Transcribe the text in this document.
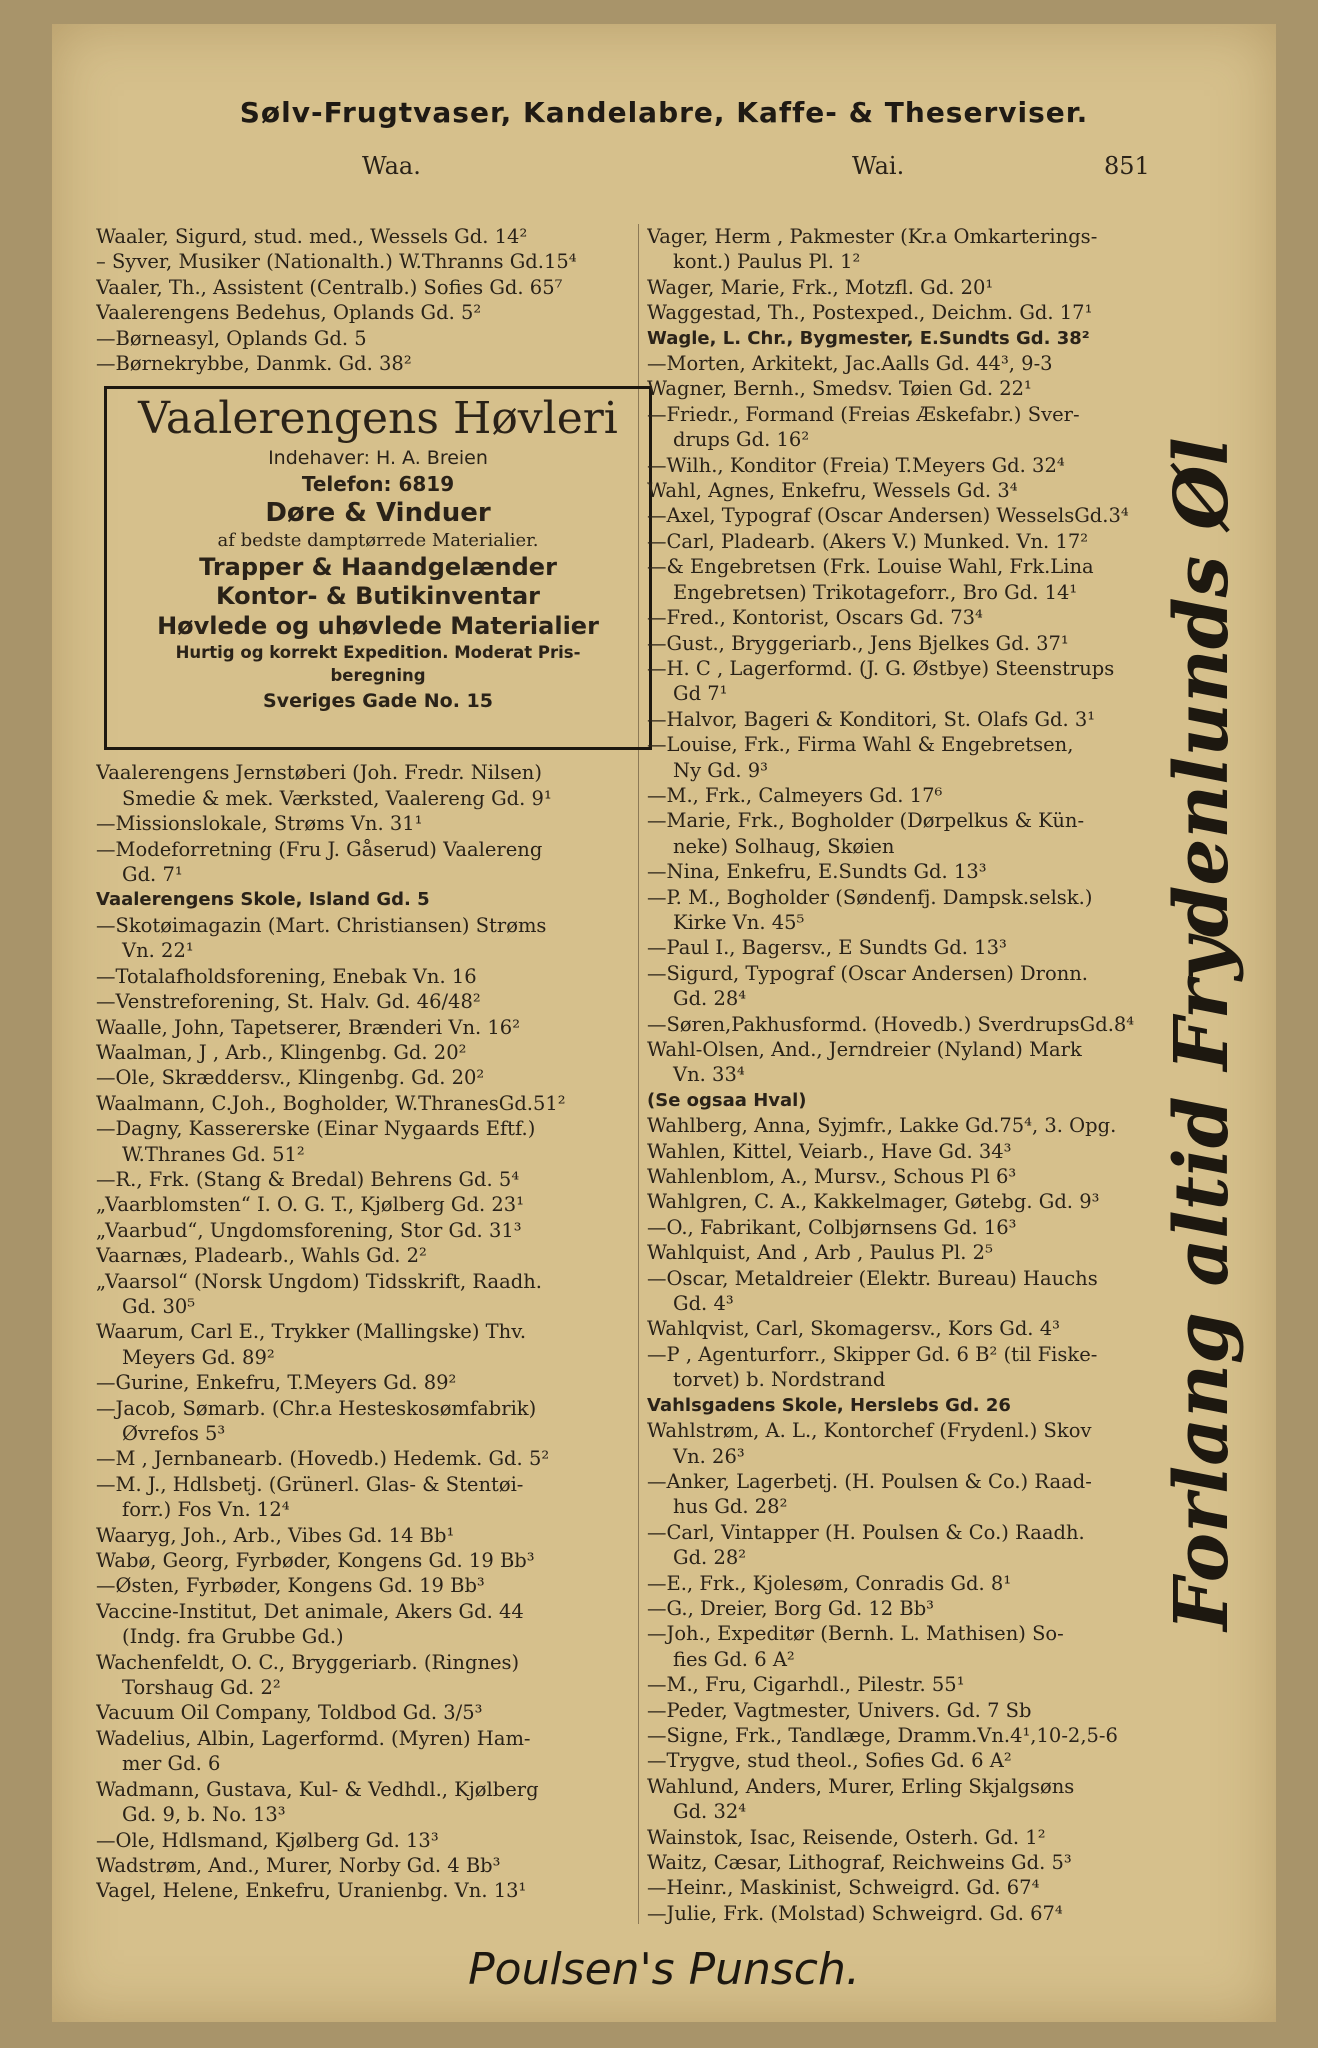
Sølv-Frugtvaser, Kandelabre, Kaffe- & Theserviser.
Waa.	Wai.	851
Waaler, Sigurd, stud. med., Wessels Gd. 14²
– Syver, Musiker (Nationalth.) W.Thranns Gd.15⁴
Vaaler, Th., Assistent (Centralb.) Sofies Gd. 65⁷
Vaalerengens Bedehus, Oplands Gd. 5²
—Børneasyl, Oplands Gd. 5
—Børnekrybbe, Danmk. Gd. 38²
Vaalerengens Høvleri
Indehaver: H. A. Breien
Telefon: 6819
Døre & Vinduer
af bedste damptørrede Materialier.
Trapper & Haandgelænder
Kontor- & Butikinventar
Høvlede og uhøvlede Materialier
Hurtig og korrekt Expedition. Moderat Pris-
beregning
Sveriges Gade No. 15
Vaalerengens Jernstøberi (Joh. Fredr. Nilsen)
Smedie & mek. Værksted, Vaalereng Gd. 9¹
—Missionslokale, Strøms Vn. 31¹
—Modeforretning (Fru J. Gåserud) Vaalereng
Gd. 7¹
Vaalerengens Skole, Island Gd. 5
—Skotøimagazin (Mart. Christiansen) Strøms
Vn. 22¹
—Totalafholdsforening, Enebak Vn. 16
—Venstreforening, St. Halv. Gd. 46/48²
Waalle, John, Tapetserer, Brænderi Vn. 16²
Waalman, J , Arb., Klingenbg. Gd. 20²
—Ole, Skræddersv., Klingenbg. Gd. 20²
Waalmann, C.Joh., Bogholder, W.ThranesGd.51²
—Dagny, Kassererske (Einar Nygaards Eftf.)
W.Thranes Gd. 51²
—R., Frk. (Stang & Bredal) Behrens Gd. 5⁴
„Vaarblomsten“ I. O. G. T., Kjølberg Gd. 23¹
„Vaarbud“, Ungdomsforening, Stor Gd. 31³
Vaarnæs, Pladearb., Wahls Gd. 2²
„Vaarsol“ (Norsk Ungdom) Tidsskrift, Raadh.
Gd. 30⁵
Waarum, Carl E., Trykker (Mallingske) Thv.
Meyers Gd. 89²
—Gurine, Enkefru, T.Meyers Gd. 89²
—Jacob, Sømarb. (Chr.a Hesteskosømfabrik)
Øvrefos 5³
—M , Jernbanearb. (Hovedb.) Hedemk. Gd. 5²
—M. J., Hdlsbetj. (Grünerl. Glas- & Stentøi-
forr.) Fos Vn. 12⁴
Waaryg, Joh., Arb., Vibes Gd. 14 Bb¹
Wabø, Georg, Fyrbøder, Kongens Gd. 19 Bb³
—Østen, Fyrbøder, Kongens Gd. 19 Bb³
Vaccine-Institut, Det animale, Akers Gd. 44
(Indg. fra Grubbe Gd.)
Wachenfeldt, O. C., Bryggeriarb. (Ringnes)
Torshaug Gd. 2²
Vacuum Oil Company, Toldbod Gd. 3/5³
Wadelius, Albin, Lagerformd. (Myren) Ham-
mer Gd. 6
Wadmann, Gustava, Kul- & Vedhdl., Kjølberg
Gd. 9, b. No. 13³
—Ole, Hdlsmand, Kjølberg Gd. 13³
Wadstrøm, And., Murer, Norby Gd. 4 Bb³
Vagel, Helene, Enkefru, Uranienbg. Vn. 13¹
Vager, Herm , Pakmester (Kr.a Omkarterings-
kont.) Paulus Pl. 1²
Wager, Marie, Frk., Motzfl. Gd. 20¹
Waggestad, Th., Postexped., Deichm. Gd. 17¹
Wagle, L. Chr., Bygmester, E.Sundts Gd. 38²
—Morten, Arkitekt, Jac.Aalls Gd. 44³, 9-3
Wagner, Bernh., Smedsv. Tøien Gd. 22¹
—Friedr., Formand (Freias Æskefabr.) Sver-
drups Gd. 16²
—Wilh., Konditor (Freia) T.Meyers Gd. 32⁴
Wahl, Agnes, Enkefru, Wessels Gd. 3⁴
—Axel, Typograf (Oscar Andersen) WesselsGd.3⁴
—Carl, Pladearb. (Akers V.) Munked. Vn. 17²
—& Engebretsen (Frk. Louise Wahl, Frk.Lina
Engebretsen) Trikotageforr., Bro Gd. 14¹
—Fred., Kontorist, Oscars Gd. 73⁴
—Gust., Bryggeriarb., Jens Bjelkes Gd. 37¹
—H. C , Lagerformd. (J. G. Østbye) Steenstrups
Gd 7¹
—Halvor, Bageri & Konditori, St. Olafs Gd. 3¹
—Louise, Frk., Firma Wahl & Engebretsen,
Ny Gd. 9³
—M., Frk., Calmeyers Gd. 17⁶
—Marie, Frk., Bogholder (Dørpelkus & Kün-
neke) Solhaug, Skøien
—Nina, Enkefru, E.Sundts Gd. 13³
—P. M., Bogholder (Søndenfj. Dampsk.selsk.)
Kirke Vn. 45⁵
—Paul I., Bagersv., E Sundts Gd. 13³
—Sigurd, Typograf (Oscar Andersen) Dronn.
Gd. 28⁴
—Søren,Pakhusformd. (Hovedb.) SverdrupsGd.8⁴
Wahl-Olsen, And., Jerndreier (Nyland) Mark
Vn. 33⁴
(Se ogsaa Hval)
Wahlberg, Anna, Syjmfr., Lakke Gd.75⁴, 3. Opg.
Wahlen, Kittel, Veiarb., Have Gd. 34³
Wahlenblom, A., Mursv., Schous Pl 6³
Wahlgren, C. A., Kakkelmager, Gøtebg. Gd. 9³
—O., Fabrikant, Colbjørnsens Gd. 16³
Wahlquist, And , Arb , Paulus Pl. 2⁵
—Oscar, Metaldreier (Elektr. Bureau) Hauchs
Gd. 4³
Wahlqvist, Carl, Skomagersv., Kors Gd. 4³
—P , Agenturforr., Skipper Gd. 6 B² (til Fiske-
torvet) b. Nordstrand
Vahlsgadens Skole, Herslebs Gd. 26
Wahlstrøm, A. L., Kontorchef (Frydenl.) Skov
Vn. 26³
—Anker, Lagerbetj. (H. Poulsen & Co.) Raad-
hus Gd. 28²
—Carl, Vintapper (H. Poulsen & Co.) Raadh.
Gd. 28²
—E., Frk., Kjolesøm, Conradis Gd. 8¹
—G., Dreier, Borg Gd. 12 Bb³
—Joh., Expeditør (Bernh. L. Mathisen) So-
fies Gd. 6 A²
—M., Fru, Cigarhdl., Pilestr. 55¹
—Peder, Vagtmester, Univers. Gd. 7 Sb
—Signe, Frk., Tandlæge, Dramm.Vn.4¹,10-2,5-6
—Trygve, stud theol., Sofies Gd. 6 A²
Wahlund, Anders, Murer, Erling Skjalgsøns
Gd. 32⁴
Wainstok, Isac, Reisende, Osterh. Gd. 1²
Waitz, Cæsar, Lithograf, Reichweins Gd. 5³
—Heinr., Maskinist, Schweigrd. Gd. 67⁴
—Julie, Frk. (Molstad) Schweigrd. Gd. 67⁴
Forlang altid Frydenlunds Øl
Poulsen's Punsch.
